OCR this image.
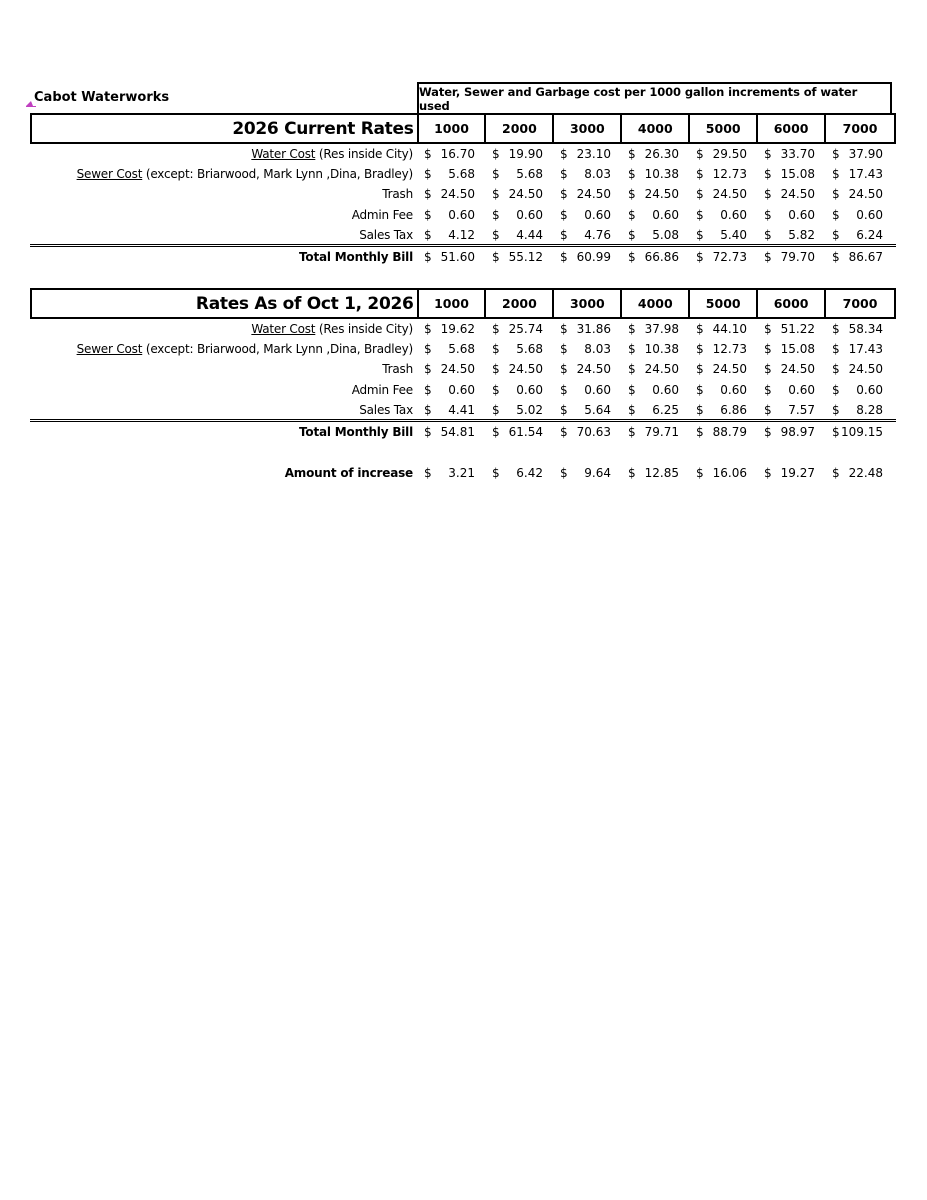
Cabot Waterworks	Water, Sewer and Garbage cost per 1000 gallon increments of water used
2026 Current Rates	1000	2000	3000	4000	5000	6000	7000
Water Cost (Res inside City) $ 16.70 $ 19.90 $ 23.10 $ 26.30 $ 29.50 $ 33.70 $ 37.90
Sewer Cost (except: Briarwood, Mark Lynn ,Dina, Bradley) $ 5.68 $ 5.68 $ 8.03 $ 10.38 $ 12.73 $ 15.08 $ 17.43
Trash $ 24.50 $ 24.50 $ 24.50 $ 24.50 $ 24.50 $ 24.50 $ 24.50
Admin Fee $ 0.60 $ 0.60 $ 0.60 $ 0.60 $ 0.60 $ 0.60 $ 0.60
Sales Tax $ 4.12 $ 4.44 $ 4.76 $ 5.08 $ 5.40 $ 5.82 $ 6.24
Total Monthly Bill $ 51.60 $ 55.12 $ 60.99 $ 66.86 $ 72.73 $ 79.70 $ 86.67
Rates As of Oct 1, 2026	1000	2000	3000	4000	5000	6000	7000
Water Cost (Res inside City) $ 19.62 $ 25.74 $ 31.86 $ 37.98 $ 44.10 $ 51.22 $ 58.34
Sewer Cost (except: Briarwood, Mark Lynn ,Dina, Bradley) $ 5.68 $ 5.68 $ 8.03 $ 10.38 $ 12.73 $ 15.08 $ 17.43
Trash $ 24.50 $ 24.50 $ 24.50 $ 24.50 $ 24.50 $ 24.50 $ 24.50
Admin Fee $ 0.60 $ 0.60 $ 0.60 $ 0.60 $ 0.60 $ 0.60 $ 0.60
Sales Tax $ 4.41 $ 5.02 $ 5.64 $ 6.25 $ 6.86 $ 7.57 $ 8.28
Total Monthly Bill $ 54.81 $ 61.54 $ 70.63 $ 79.71 $ 88.79 $ 98.97 $ 109.15
Amount of increase $ 3.21 $ 6.42 $ 9.64 $ 12.85 $ 16.06 $ 19.27 $ 22.48
